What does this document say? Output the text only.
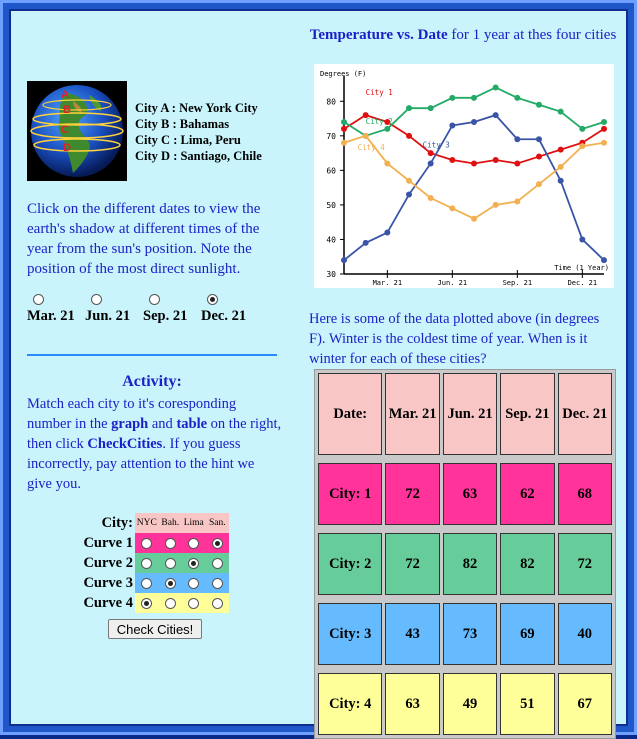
A
B
C
D
City A : New York City
City B : Bahamas
City C : Lima, Peru
City D : Santiago, Chile
Click on the different dates to view the earth's shadow at different times of the year from the sun's position. Note the position of the most direct sunlight.
Mar. 21 Jun. 21 Sep. 21 Dec. 21
Activity:
Match each city to it's coresponding number in the graph and table on the right, then click CheckCities. If you guess incorrectly, pay attention to the hint we give you.
City: NYC Bah. Lima San.
Curve 1
Curve 2
Curve 3
Curve 4
Check Cities!
Temperature vs. Date for 1 year at thes four cities
30
40
50
60
70
80
Mar. 21	Jun. 21	Sep. 21	Dec. 21
Degrees (F)
Time (1 Year)
City 1
City 2
City 3
City 4
Here is some of the data plotted above (in degrees F). Winter is the coldest time of year. When is it winter for each of these cities?
Date:	Mar. 21	Jun. 21	Sep. 21	Dec. 21

City: 1	72	63	62	68

City: 2	72	82	82	72

City: 3	43	73	69	40

City: 4	63	49	51	67
